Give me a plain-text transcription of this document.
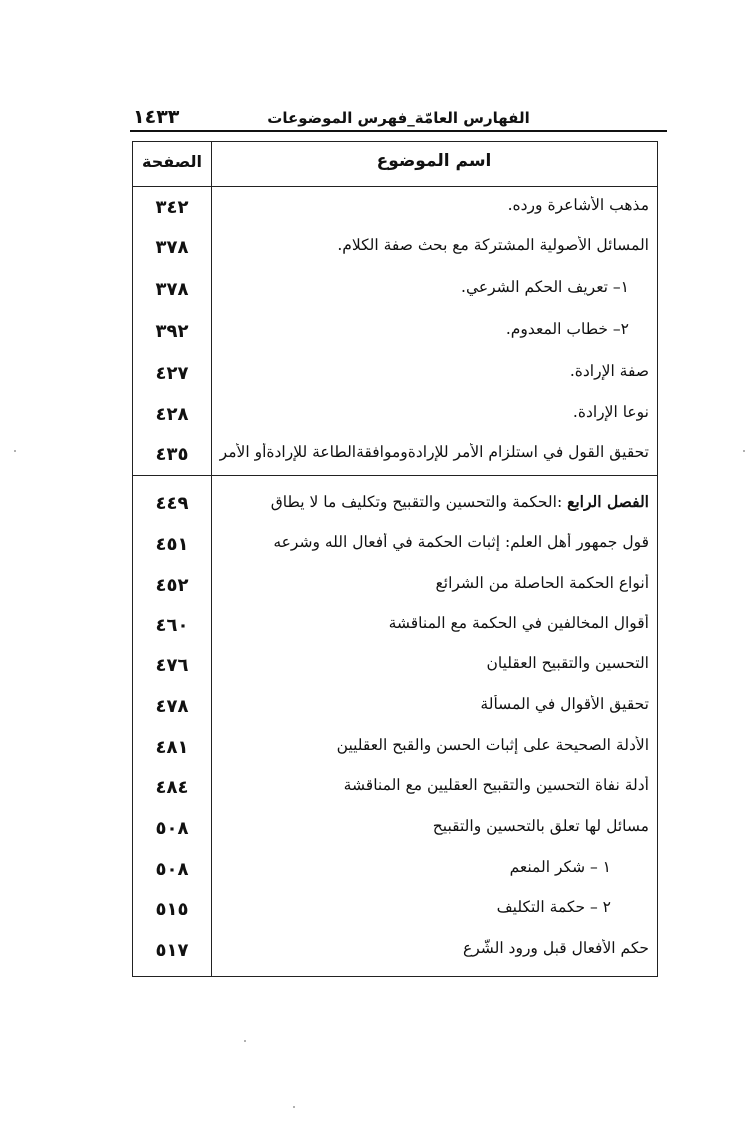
١٤٣٣	الفهارس العامّة_فهرس الموضوعات
الصفحة	اسم الموضوع
٣٤٢	مذهب الأشاعرة ورده.
٣٧٨	المسائل الأصولية المشتركة مع بحث صفة الكلام.
٣٧٨	١– تعريف الحكم الشرعي.
٣٩٢	٢– خطاب المعدوم.
٤٢٧	صفة الإرادة.
٤٢٨	نوعا الإرادة.
٤٣٥	تحقيق القول في استلزام الأمر للإرادةوموافقةالطاعة للإرادةأو الأمر
٤٤٩	الفصل الرابع :الحكمة والتحسين والتقبيح وتكليف ما لا يطاق
٤٥١	قول جمهور أهل العلم: إثبات الحكمة في أفعال الله وشرعه
٤٥٢	أنواع الحكمة الحاصلة من الشرائع
٤٦٠	أقوال المخالفين في الحكمة مع المناقشة
٤٧٦	التحسين والتقبيح العقليان
٤٧٨	تحقيق الأقوال في المسألة
٤٨١	الأدلة الصحيحة على إثبات الحسن والقبح العقليين
٤٨٤	أدلة نفاة التحسين والتقبيح العقليين مع المناقشة
٥٠٨	مسائل لها تعلق بالتحسين والتقبيح
٥٠٨	١ – شكر المنعم
٥١٥	٢ – حكمة التكليف
٥١٧	حكم الأفعال قبل ورود الشّرع
